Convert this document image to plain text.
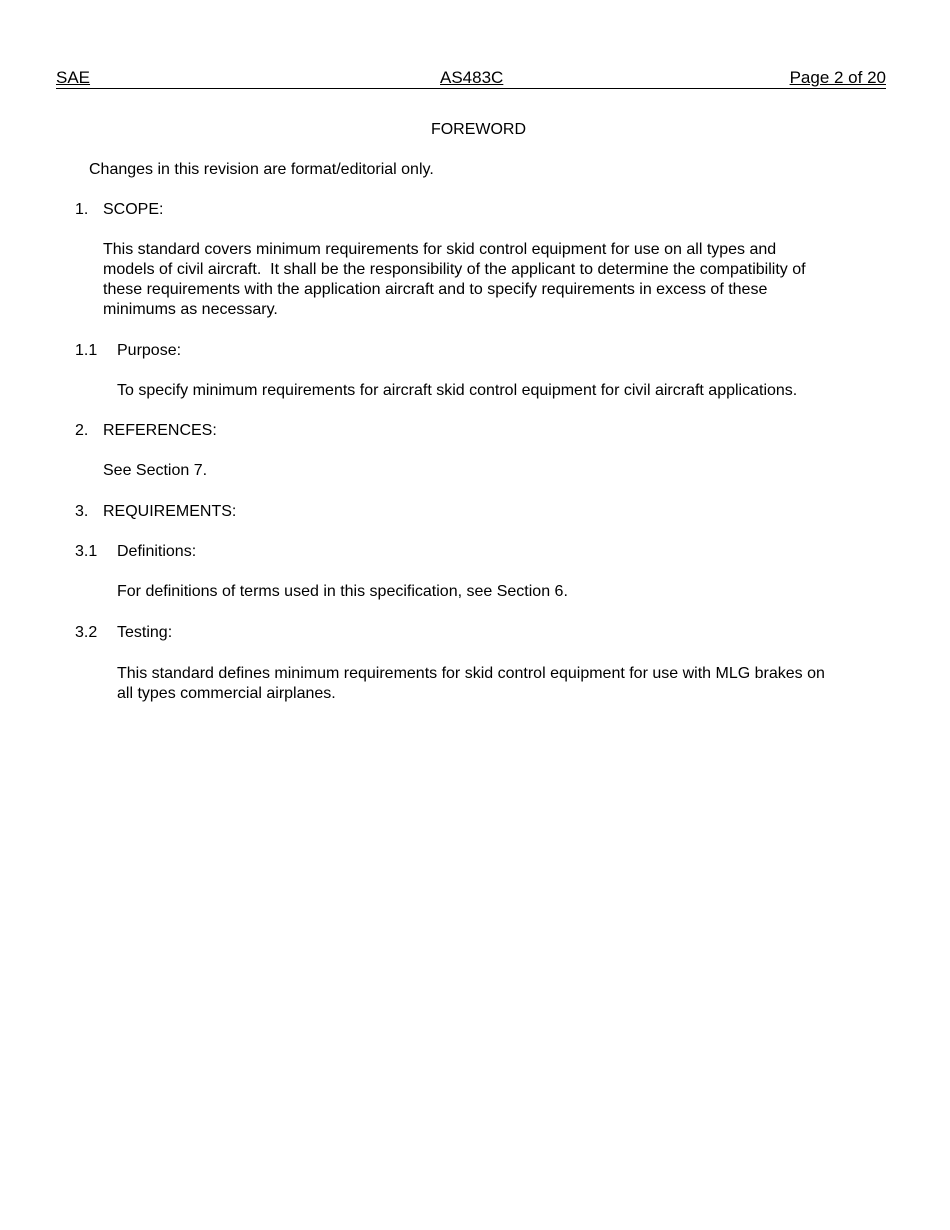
SAE	AS483C	Page 2 of 20
FOREWORD
Changes in this revision are format/editorial only.
1. SCOPE:
This standard covers minimum requirements for skid control equipment for use on all types and
models of civil aircraft.  It shall be the responsibility of the applicant to determine the compatibility of
these requirements with the application aircraft and to specify requirements in excess of these
minimums as necessary.
1.1 Purpose:
To specify minimum requirements for aircraft skid control equipment for civil aircraft applications.
2. REFERENCES:
See Section 7.
3. REQUIREMENTS:
3.1 Definitions:
For definitions of terms used in this specification, see Section 6.
3.2 Testing:
This standard defines minimum requirements for skid control equipment for use with MLG brakes on
all types commercial airplanes.
